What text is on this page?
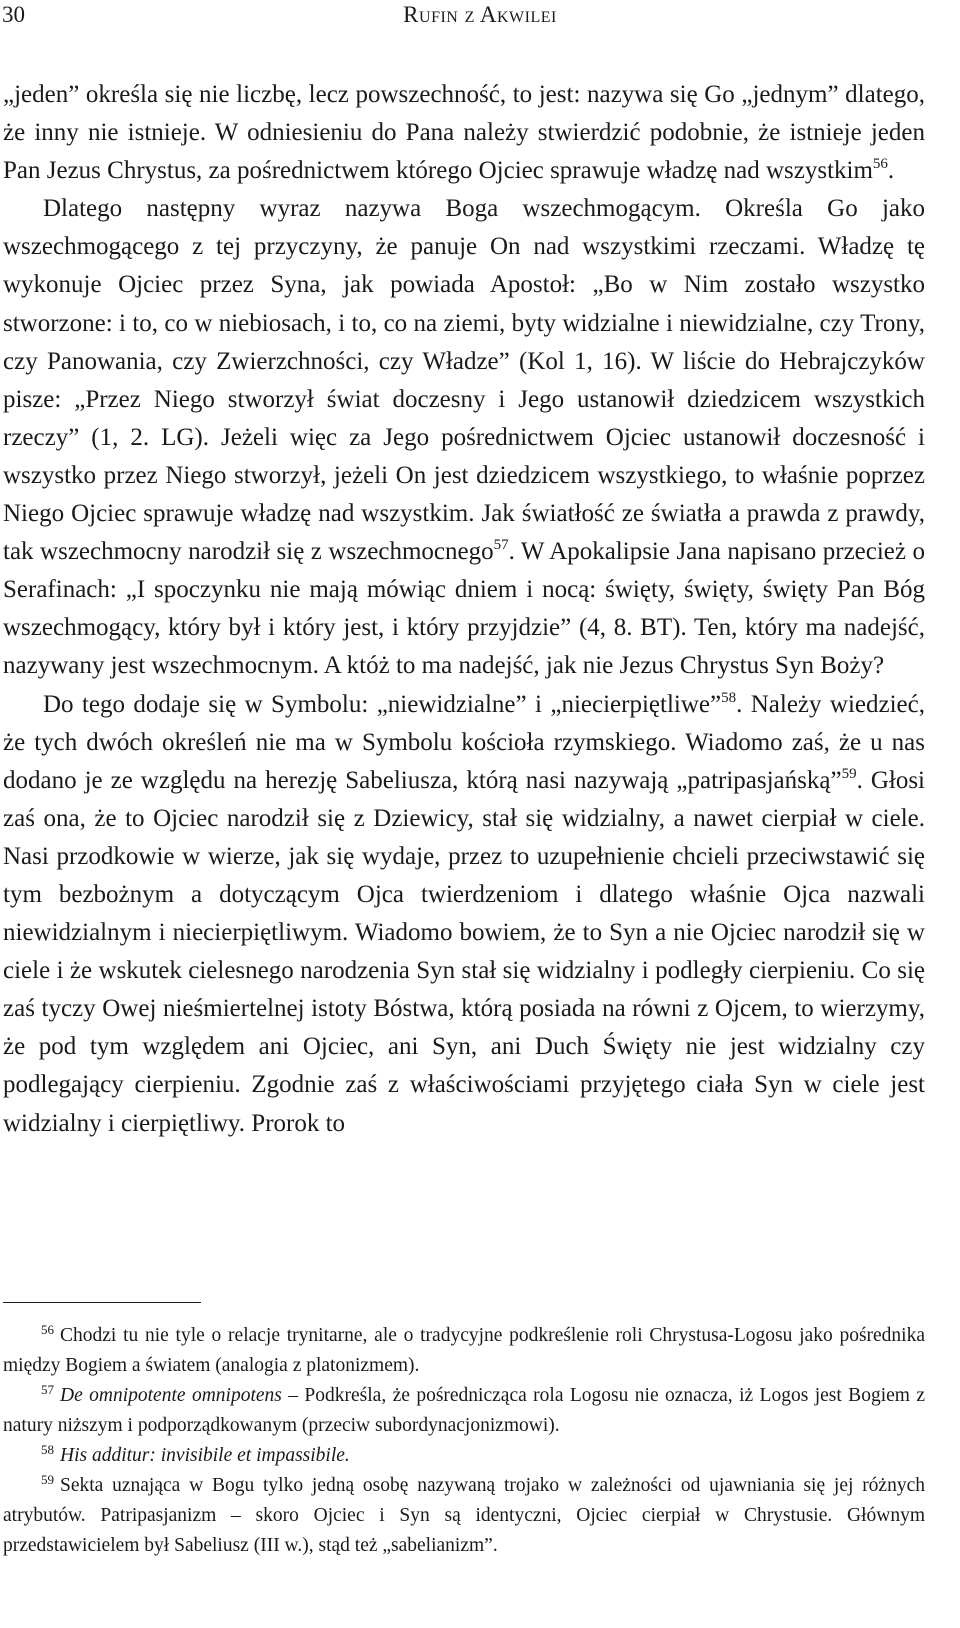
30	Rufin z Akwilei

„jeden” określa się nie liczbę, lecz powszechność, to jest: nazywa się Go „jednym” dlatego, że inny nie istnieje. W odniesieniu do Pana należy stwierdzić podobnie, że istnieje jeden Pan Jezus Chrystus, za pośrednictwem którego Ojciec sprawuje władzę nad wszystkim$^{56}$.

Dlatego następny wyraz nazywa Boga wszechmogącym. Określa Go jako wszechmogącego z tej przyczyny, że panuje On nad wszystkimi rzeczami. Władzę tę wykonuje Ojciec przez Syna, jak powiada Apostoł: „Bo w Nim zostało wszystko stworzone: i to, co w niebiosach, i to, co na ziemi, byty widzialne i niewidzialne, czy Trony, czy Panowania, czy Zwierzchności, czy Władze” (Kol 1, 16). W liście do Hebrajczyków pisze: „Przez Niego stworzył świat doczesny i Jego ustanowił dziedzicem wszystkich rzeczy” (1, 2. LG). Jeżeli więc za Jego pośrednictwem Ojciec ustanowił doczesność i wszystko przez Niego stworzył, jeżeli On jest dziedzicem wszystkiego, to właśnie poprzez Niego Ojciec sprawuje władzę nad wszystkim. Jak światłość ze światła a prawda z prawdy, tak wszechmocny narodził się z wszechmocnego$^{57}$. W Apokalipsie Jana napisano przecież o Serafinach: „I spoczynku nie mają mówiąc dniem i nocą: święty, święty, święty Pan Bóg wszechmogący, który był i który jest, i który przyjdzie” (4, 8. BT). Ten, który ma nadejść, nazywany jest wszechmocnym. A któż to ma nadejść, jak nie Jezus Chrystus Syn Boży?

Do tego dodaje się w Symbolu: „niewidzialne” i „niecierpiętliwe”$^{58}$. Należy wiedzieć, że tych dwóch określeń nie ma w Symbolu kościoła rzymskiego. Wiadomo zaś, że u nas dodano je ze względu na herezję Sabeliusza, którą nasi nazywają „patripasjańską”$^{59}$. Głosi zaś ona, że to Ojciec narodził się z Dziewicy, stał się widzialny, a nawet cierpiał w ciele. Nasi przodkowie w wierze, jak się wydaje, przez to uzupełnienie chcieli przeciwstawić się tym bezbożnym a dotyczącym Ojca twierdzeniom i dlatego właśnie Ojca nazwali niewidzialnym i niecierpiętliwym. Wiadomo bowiem, że to Syn a nie Ojciec narodził się w ciele i że wskutek cielesnego narodzenia Syn stał się widzialny i podległy cierpieniu. Co się zaś tyczy Owej nieśmiertelnej istoty Bóstwa, którą posiada na równi z Ojcem, to wierzymy, że pod tym względem ani Ojciec, ani Syn, ani Duch Święty nie jest widzialny czy podlegający cierpieniu. Zgodnie zaś z właściwościami przyjętego ciała Syn w ciele jest widzialny i cierpiętliwy. Prorok to

$^{56}$ Chodzi tu nie tyle o relacje trynitarne, ale o tradycyjne podkreślenie roli Chrystusa-Logosu jako pośrednika między Bogiem a światem (analogia z platonizmem).

$^{57}$ De omnipotente omnipotens – Podkreśla, że pośrednicząca rola Logosu nie oznacza, iż Logos jest Bogiem z natury niższym i podporządkowanym (przeciw subordynacjonizmowi).

$^{58}$ His additur: invisibile et impassibile.

$^{59}$ Sekta uznająca w Bogu tylko jedną osobę nazywaną trojako w zależności od ujawniania się jej różnych atrybutów. Patripasjanizm – skoro Ojciec i Syn są identyczni, Ojciec cierpiał w Chrystusie. Głównym przedstawicielem był Sabeliusz (III w.), stąd też „sabelianizm”.
